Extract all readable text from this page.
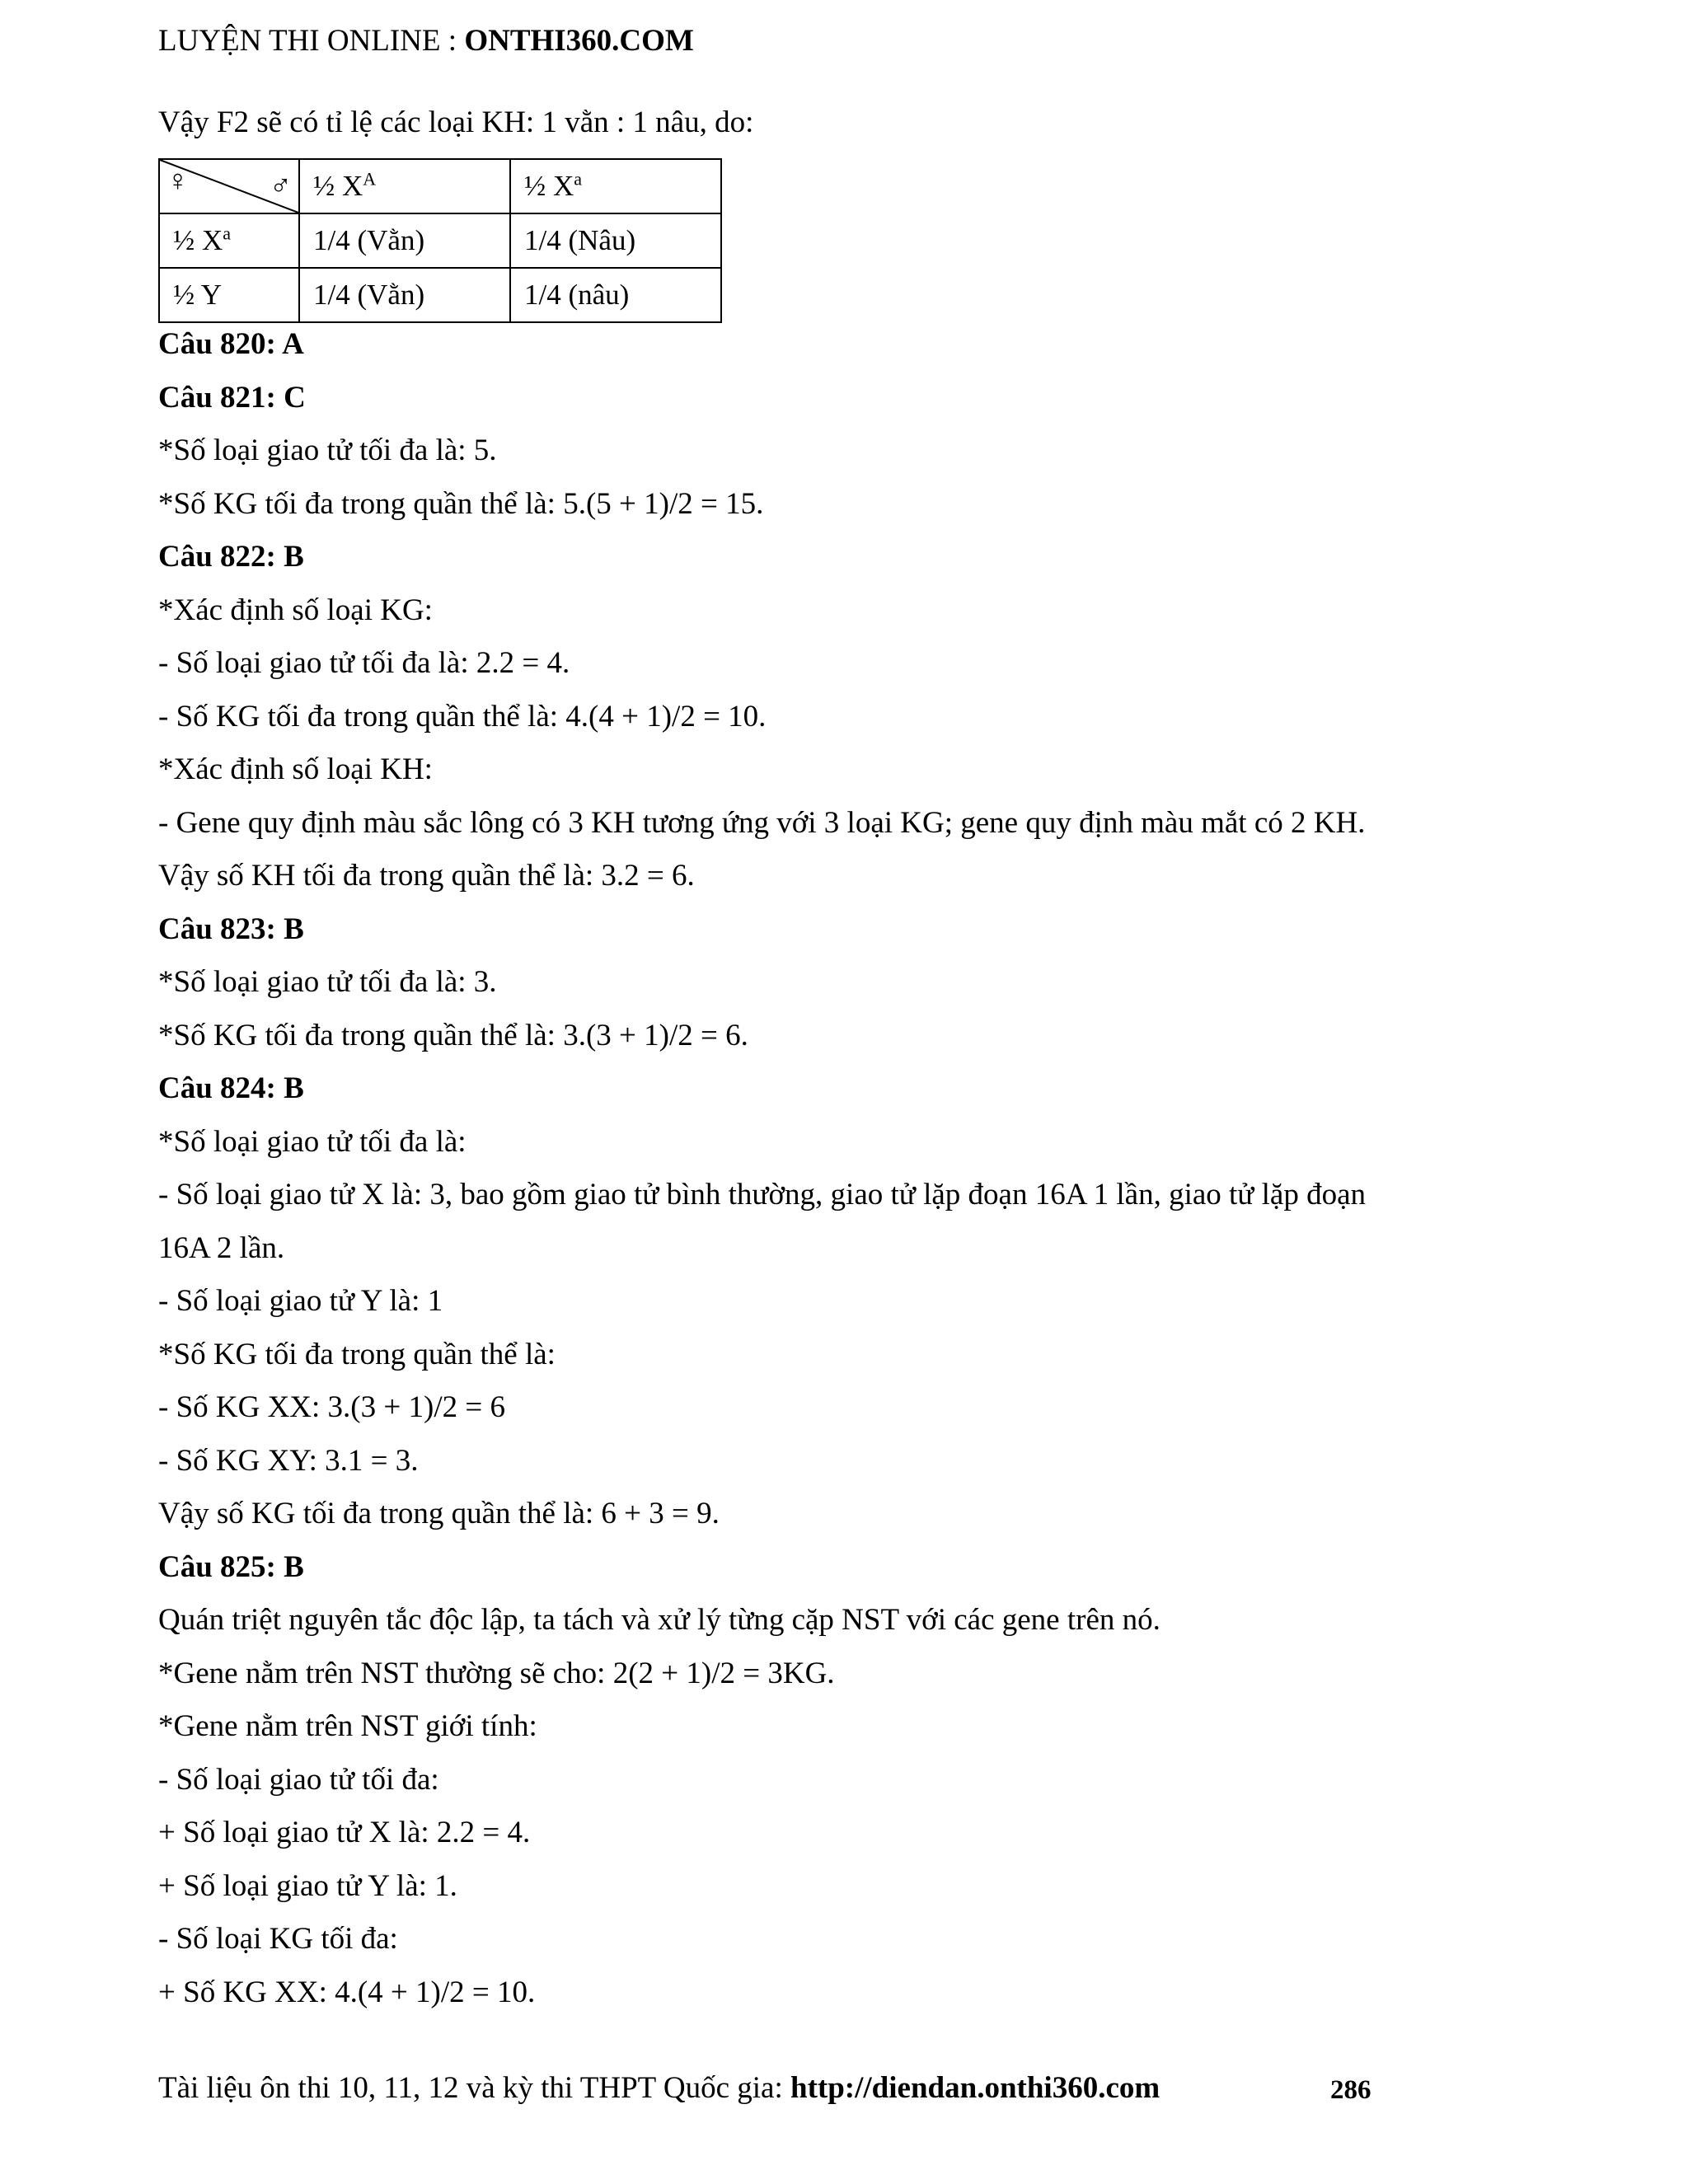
LUYỆN THI ONLINE : ONTHI360.COM
Vậy F2 sẽ có tỉ lệ các loại KH: 1 vằn : 1 nâu, do:
♀ ♂	½ $X^A$	½ $X^a$
½ $X^a$	1/4 (Vằn)	1/4 (Nâu)
½ Y	1/4 (Vằn)	1/4 (nâu)
Câu 820: A
Câu 821: C
*Số loại giao tử tối đa là: 5.
*Số KG tối đa trong quần thể là: 5.(5 + 1)/2 = 15.
Câu 822: B
*Xác định số loại KG:
- Số loại giao tử tối đa là: 2.2 = 4.
- Số KG tối đa trong quần thể là: 4.(4 + 1)/2 = 10.
*Xác định số loại KH:
- Gene quy định màu sắc lông có 3 KH tương ứng với 3 loại KG; gene quy định màu mắt có 2 KH.
Vậy số KH tối đa trong quần thể là: 3.2 = 6.
Câu 823: B
*Số loại giao tử tối đa là: 3.
*Số KG tối đa trong quần thể là: 3.(3 + 1)/2 = 6.
Câu 824: B
*Số loại giao tử tối đa là:
- Số loại giao tử X là: 3, bao gồm giao tử bình thường, giao tử lặp đoạn 16A 1 lần, giao tử lặp đoạn
16A 2 lần.
- Số loại giao tử Y là: 1
*Số KG tối đa trong quần thể là:
- Số KG XX: 3.(3 + 1)/2 = 6
- Số KG XY: 3.1 = 3.
Vậy số KG tối đa trong quần thể là: 6 + 3 = 9.
Câu 825: B
Quán triệt nguyên tắc độc lập, ta tách và xử lý từng cặp NST với các gene trên nó.
*Gene nằm trên NST thường sẽ cho: 2(2 + 1)/2 = 3KG.
*Gene nằm trên NST giới tính:
- Số loại giao tử tối đa:
+ Số loại giao tử X là: 2.2 = 4.
+ Số loại giao tử Y là: 1.
- Số loại KG tối đa:
+ Số KG XX: 4.(4 + 1)/2 = 10.
Tài liệu ôn thi 10, 11, 12 và kỳ thi THPT Quốc gia: http://diendan.onthi360.com	286
